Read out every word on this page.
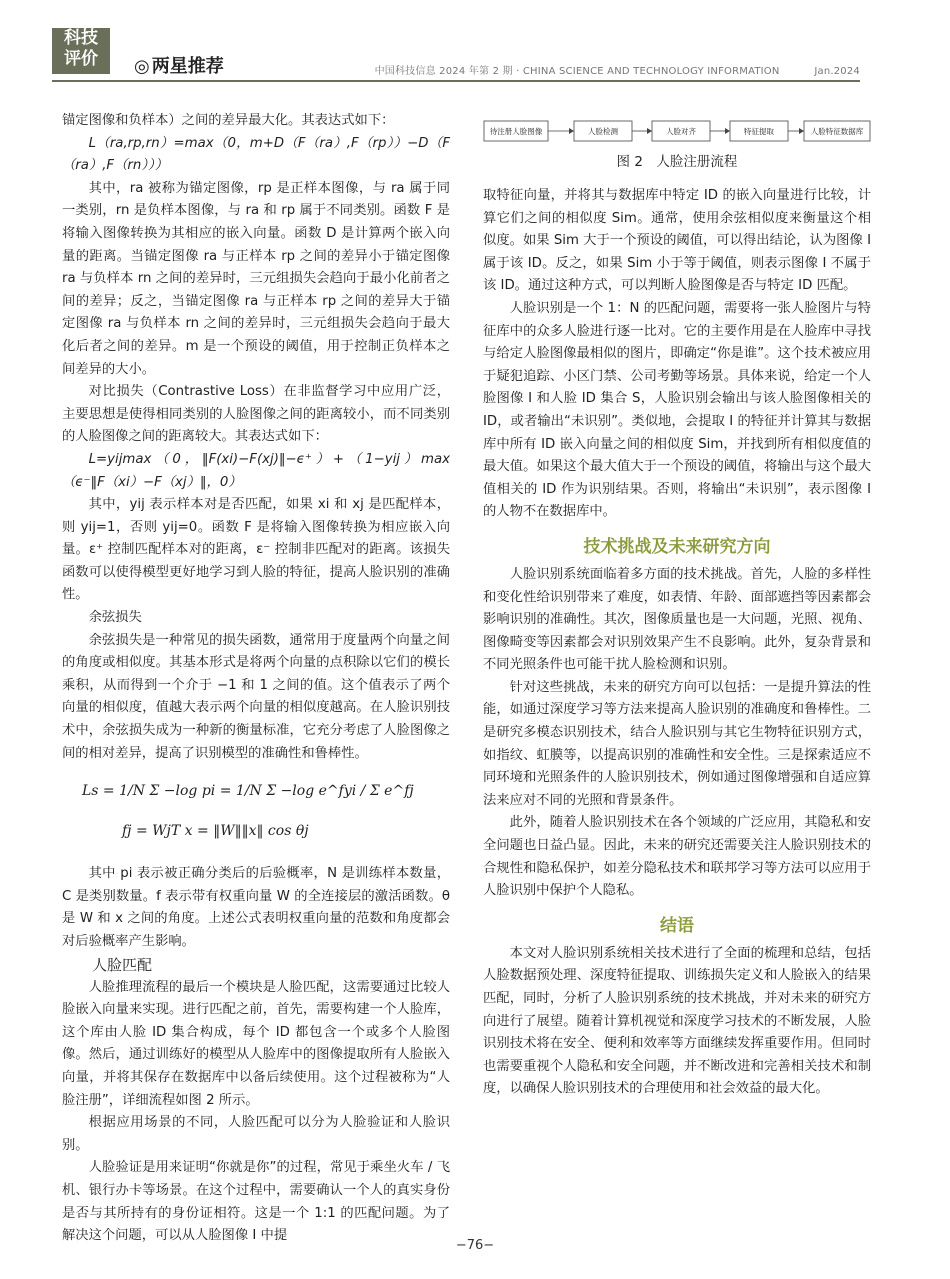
科技
评价	◎ 两星推荐	中国科技信息 2024 年第 2 期 · CHINA SCIENCE AND TECHNOLOGY INFORMATION	Jan.2024

锚定图像和负样本）之间的差异最大化。其表达式如下：

L（ra,rp,rn）=max（0，m+D（F（ra）,F（rp））−D（F（ra）,F（rn）））

其中，ra 被称为锚定图像，rp 是正样本图像，与 ra 属于同一类别，rn 是负样本图像，与 ra 和 rp 属于不同类别。函数 F 是将输入图像转换为其相应的嵌入向量。函数 D 是计算两个嵌入向量的距离。当锚定图像 ra 与正样本 rp 之间的差异小于锚定图像 ra 与负样本 rn 之间的差异时，三元组损失会趋向于最小化前者之间的差异；反之，当锚定图像 ra 与正样本 rp 之间的差异大于锚定图像 ra 与负样本 rn 之间的差异时，三元组损失会趋向于最大化后者之间的差异。m 是一个预设的阈值，用于控制正负样本之间差异的大小。

对比损失（Contrastive Loss）在非监督学习中应用广泛，主要思想是使得相同类别的人脸图像之间的距离较小，而不同类别的人脸图像之间的距离较大。其表达式如下：

L=yijmax（0，‖F(xi)−F(xj)‖−ϵ⁺）+（1−yij）max（ϵ⁻‖F（xi）−F（xj）‖，0）

其中，yij 表示样本对是否匹配，如果 xi 和 xj 是匹配样本，则 yij=1，否则 yij=0。函数 F 是将输入图像转换为相应嵌入向量。ε⁺ 控制匹配样本对的距离，ε⁻ 控制非匹配对的距离。该损失函数可以使得模型更好地学习到人脸的特征，提高人脸识别的准确性。

余弦损失

余弦损失是一种常见的损失函数，通常用于度量两个向量之间的角度或相似度。其基本形式是将两个向量的点积除以它们的模长乘积，从而得到一个介于 −1 和 1 之间的值。这个值表示了两个向量的相似度，值越大表示两个向量的相似度越高。在人脸识别技术中，余弦损失成为一种新的衡量标准，它充分考虑了人脸图像之间的相对差异，提高了识别模型的准确性和鲁棒性。

Ls = 1/N Σ −log pi = 1/N Σ −log e^fyi / Σ e^fj
fj = WjT x = ‖W‖‖x‖ cos θj

其中 pi 表示被正确分类后的后验概率，N 是训练样本数量，C 是类别数量。f 表示带有权重向量 W 的全连接层的激活函数。θ 是 W 和 x 之间的角度。上述公式表明权重向量的范数和角度都会对后验概率产生影响。

人脸匹配

人脸推理流程的最后一个模块是人脸匹配，这需要通过比较人脸嵌入向量来实现。进行匹配之前，首先，需要构建一个人脸库，这个库由人脸 ID 集合构成，每个 ID 都包含一个或多个人脸图像。然后，通过训练好的模型从人脸库中的图像提取所有人脸嵌入向量，并将其保存在数据库中以备后续使用。这个过程被称为“人脸注册”，详细流程如图 2 所示。

根据应用场景的不同，人脸匹配可以分为人脸验证和人脸识别。

人脸验证是用来证明“你就是你”的过程，常见于乘坐火车 / 飞机、银行办卡等场景。在这个过程中，需要确认一个人的真实身份是否与其所持有的身份证相符。这是一个 1:1 的匹配问题。为了解决这个问题，可以从人脸图像 I 中提

待注册人脸图像	人脸检测	人脸对齐	特征提取	人脸特征数据库
图 2　人脸注册流程

取特征向量，并将其与数据库中特定 ID 的嵌入向量进行比较，计算它们之间的相似度 Sim。通常，使用余弦相似度来衡量这个相似度。如果 Sim 大于一个预设的阈值，可以得出结论，认为图像 I 属于该 ID。反之，如果 Sim 小于等于阈值，则表示图像 I 不属于该 ID。通过这种方式，可以判断人脸图像是否与特定 ID 匹配。

人脸识别是一个 1：N 的匹配问题，需要将一张人脸图片与特征库中的众多人脸进行逐一比对。它的主要作用是在人脸库中寻找与给定人脸图像最相似的图片，即确定“你是谁”。这个技术被应用于疑犯追踪、小区门禁、公司考勤等场景。具体来说，给定一个人脸图像 I 和人脸 ID 集合 S，人脸识别会输出与该人脸图像相关的 ID，或者输出“未识别”。类似地，会提取 I 的特征并计算其与数据库中所有 ID 嵌入向量之间的相似度 Sim，并找到所有相似度值的最大值。如果这个最大值大于一个预设的阈值，将输出与这个最大值相关的 ID 作为识别结果。否则，将输出“未识别”，表示图像 I 的人物不在数据库中。

技术挑战及未来研究方向

人脸识别系统面临着多方面的技术挑战。首先，人脸的多样性和变化性给识别带来了难度，如表情、年龄、面部遮挡等因素都会影响识别的准确性。其次，图像质量也是一大问题，光照、视角、图像畸变等因素都会对识别效果产生不良影响。此外，复杂背景和不同光照条件也可能干扰人脸检测和识别。

针对这些挑战，未来的研究方向可以包括：一是提升算法的性能，如通过深度学习等方法来提高人脸识别的准确度和鲁棒性。二是研究多模态识别技术，结合人脸识别与其它生物特征识别方式，如指纹、虹膜等，以提高识别的准确性和安全性。三是探索适应不同环境和光照条件的人脸识别技术，例如通过图像增强和自适应算法来应对不同的光照和背景条件。

此外，随着人脸识别技术在各个领域的广泛应用，其隐私和安全问题也日益凸显。因此，未来的研究还需要关注人脸识别技术的合规性和隐私保护，如差分隐私技术和联邦学习等方法可以应用于人脸识别中保护个人隐私。

结语

本文对人脸识别系统相关技术进行了全面的梳理和总结，包括人脸数据预处理、深度特征提取、训练损失定义和人脸嵌入的结果匹配，同时，分析了人脸识别系统的技术挑战，并对未来的研究方向进行了展望。随着计算机视觉和深度学习技术的不断发展，人脸识别技术将在安全、便利和效率等方面继续发挥重要作用。但同时也需要重视个人隐私和安全问题，并不断改进和完善相关技术和制度，以确保人脸识别技术的合理使用和社会效益的最大化。

−76−
